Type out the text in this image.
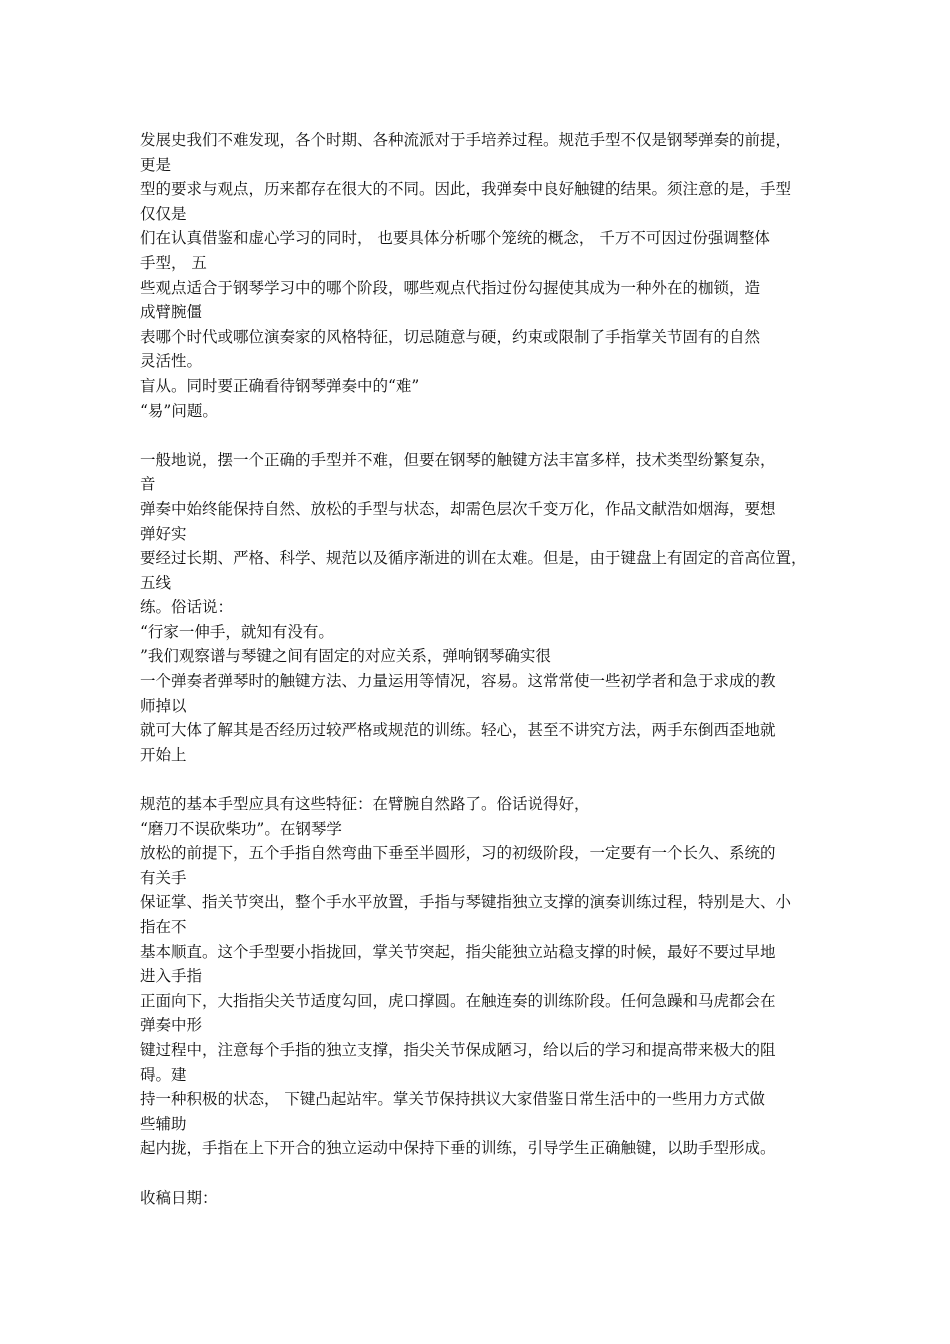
发展史我们不难发现，各个时期、各种流派对于手培养过程。规范手型不仅是钢琴弹奏的前提，
更是
型的要求与观点，历来都存在很大的不同。因此，我弹奏中良好触键的结果。须注意的是，手型
仅仅是
们在认真借鉴和虚心学习的同时， 也要具体分析哪个笼统的概念， 千万不可因过份强调整体
手型， 五
些观点适合于钢琴学习中的哪个阶段，哪些观点代指过份勾握使其成为一种外在的枷锁，造
成臂腕僵
表哪个时代或哪位演奏家的风格特征，切忌随意与硬，约束或限制了手指掌关节固有的自然
灵活性。
盲从。同时要正确看待钢琴弹奏中的“难”
“易”问题。
一般地说，摆一个正确的手型并不难，但要在钢琴的触键方法丰富多样，技术类型纷繁复杂，
音
弹奏中始终能保持自然、放松的手型与状态，却需色层次千变万化，作品文献浩如烟海，要想
弹好实
要经过长期、严格、科学、规范以及循序渐进的训在太难。但是，由于键盘上有固定的音高位置，
五线
练。俗话说：
“行家一伸手，就知有没有。
”我们观察谱与琴键之间有固定的对应关系，弹响钢琴确实很
一个弹奏者弹琴时的触键方法、力量运用等情况，容易。这常常使一些初学者和急于求成的教
师掉以
就可大体了解其是否经历过较严格或规范的训练。轻心，甚至不讲究方法，两手东倒西歪地就
开始上
规范的基本手型应具有这些特征：在臂腕自然路了。俗话说得好，
“磨刀不误砍柴功”。在钢琴学
放松的前提下，五个手指自然弯曲下垂至半圆形，习的初级阶段，一定要有一个长久、系统的
有关手
保证掌、指关节突出，整个手水平放置，手指与琴键指独立支撑的演奏训练过程，特别是大、小
指在不
基本顺直。这个手型要小指拢回，掌关节突起，指尖能独立站稳支撑的时候，最好不要过早地
进入手指
正面向下，大指指尖关节适度勾回，虎口撑圆。在触连奏的训练阶段。任何急躁和马虎都会在
弹奏中形
键过程中，注意每个手指的独立支撑，指尖关节保成陋习，给以后的学习和提高带来极大的阻
碍。建
持一种积极的状态， 下键凸起站牢。掌关节保持拱议大家借鉴日常生活中的一些用力方式做
些辅助
起内拢，手指在上下开合的独立运动中保持下垂的训练，引导学生正确触键，以助手型形成。
收稿日期：
